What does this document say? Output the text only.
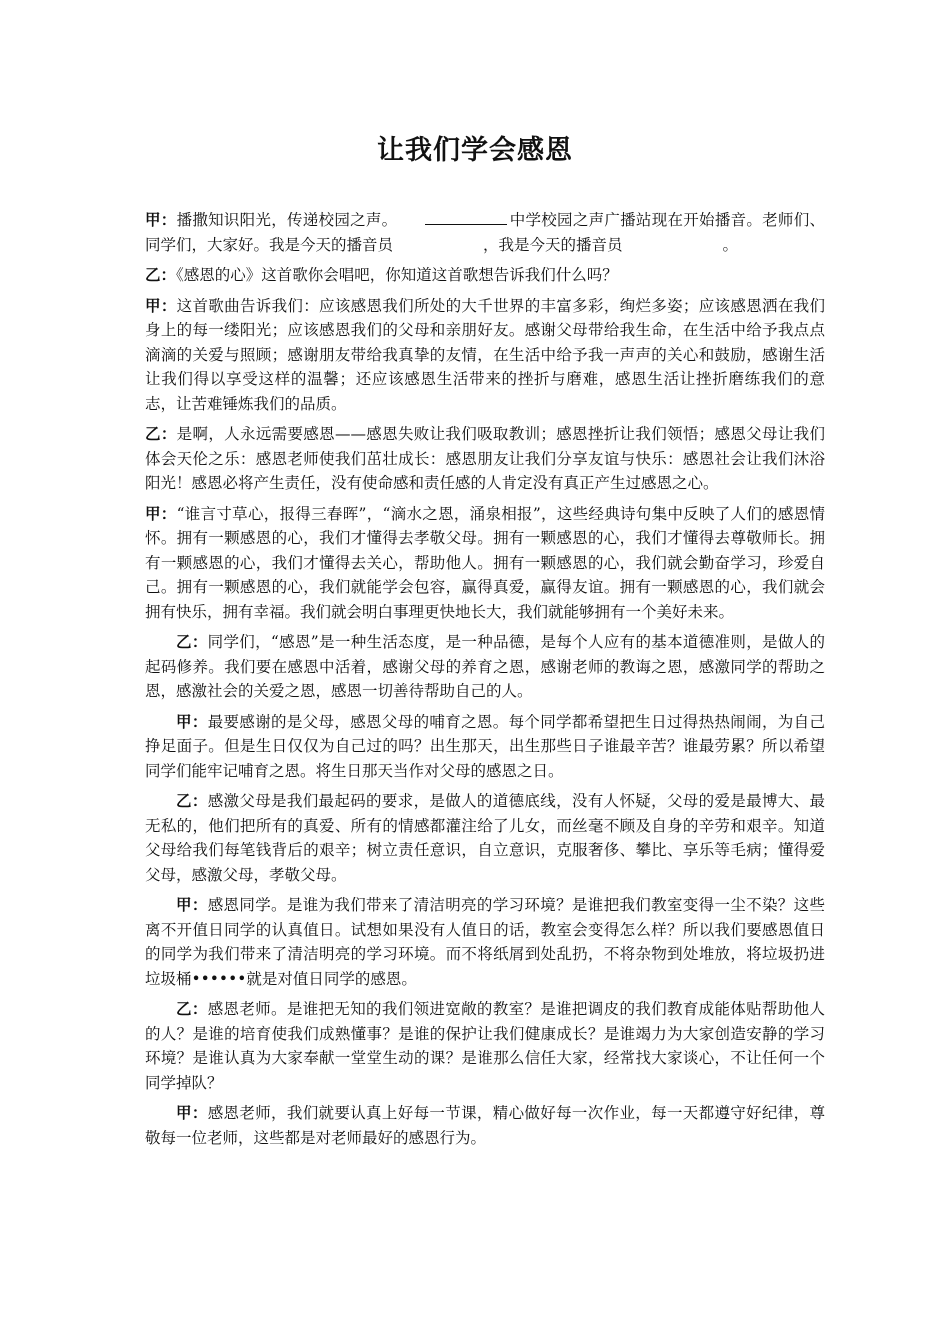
让我们学会感恩

甲：播撒知识阳光，传递校园之声。	中学校园之声广播站现在开始播音。老师们、同学们，大家好。我是今天的播音员	，我是今天的播音员	。

乙：《感恩的心》这首歌你会唱吧，你知道这首歌想告诉我们什么吗？

甲：这首歌曲告诉我们：应该感恩我们所处的大千世界的丰富多彩，绚烂多姿；应该感恩洒在我们身上的每一缕阳光；应该感恩我们的父母和亲朋好友。感谢父母带给我生命，在生活中给予我点点滴滴的关爱与照顾；感谢朋友带给我真挚的友情，在生活中给予我一声声的关心和鼓励，感谢生活让我们得以享受这样的温馨；还应该感恩生活带来的挫折与磨难，感恩生活让挫折磨练我们的意志，让苦难锤炼我们的品质。

乙：是啊，人永远需要感恩——感恩失败让我们吸取教训；感恩挫折让我们领悟；感恩父母让我们体会天伦之乐：感恩老师使我们茁壮成长：感恩朋友让我们分享友谊与快乐：感恩社会让我们沐浴阳光！感恩必将产生责任，没有使命感和责任感的人肯定没有真正产生过感恩之心。

甲：“谁言寸草心，报得三春晖”，“滴水之恩，涌泉相报”，这些经典诗句集中反映了人们的感恩情怀。拥有一颗感恩的心，我们才懂得去孝敬父母。拥有一颗感恩的心，我们才懂得去尊敬师长。拥有一颗感恩的心，我们才懂得去关心，帮助他人。拥有一颗感恩的心，我们就会勤奋学习，珍爱自己。拥有一颗感恩的心，我们就能学会包容，赢得真爱，赢得友谊。拥有一颗感恩的心，我们就会拥有快乐，拥有幸福。我们就会明白事理更快地长大，我们就能够拥有一个美好未来。

乙：同学们，“感恩”是一种生活态度，是一种品德，是每个人应有的基本道德准则，是做人的起码修养。我们要在感恩中活着，感谢父母的养育之恩，感谢老师的教诲之恩，感激同学的帮助之恩，感激社会的关爱之恩，感恩一切善待帮助自己的人。

甲：最要感谢的是父母，感恩父母的哺育之恩。每个同学都希望把生日过得热热闹闹，为自己挣足面子。但是生日仅仅为自己过的吗？出生那天，出生那些日子谁最辛苦？谁最劳累？所以希望同学们能牢记哺育之恩。将生日那天当作对父母的感恩之日。

乙：感激父母是我们最起码的要求，是做人的道德底线，没有人怀疑，父母的爱是最博大、最无私的，他们把所有的真爱、所有的情感都灌注给了儿女，而丝毫不顾及自身的辛劳和艰辛。知道父母给我们每笔钱背后的艰辛；树立责任意识，自立意识，克服奢侈、攀比、享乐等毛病；懂得爱父母，感激父母，孝敬父母。

甲：感恩同学。是谁为我们带来了清洁明亮的学习环境？是谁把我们教室变得一尘不染？这些离不开值日同学的认真值日。试想如果没有人值日的话，教室会变得怎么样？所以我们要感恩值日的同学为我们带来了清洁明亮的学习环境。而不将纸屑到处乱扔，不将杂物到处堆放，将垃圾扔进垃圾桶••••••就是对值日同学的感恩。

乙：感恩老师。是谁把无知的我们领进宽敞的教室？是谁把调皮的我们教育成能体贴帮助他人的人？是谁的培育使我们成熟懂事？是谁的保护让我们健康成长？是谁竭力为大家创造安静的学习环境？是谁认真为大家奉献一堂堂生动的课？是谁那么信任大家，经常找大家谈心，不让任何一个同学掉队？

甲：感恩老师，我们就要认真上好每一节课，精心做好每一次作业，每一天都遵守好纪律，尊敬每一位老师，这些都是对老师最好的感恩行为。
